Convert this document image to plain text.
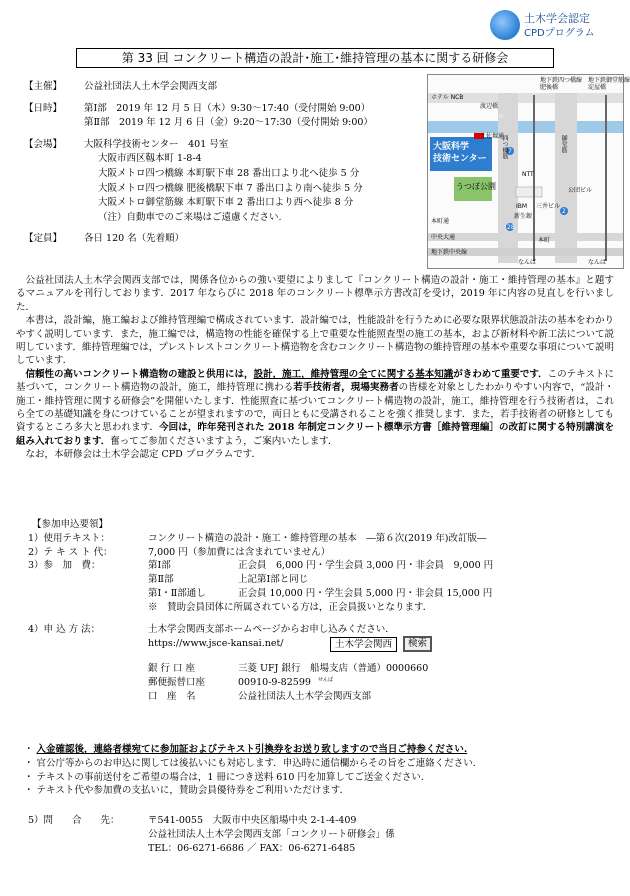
土木学会認定
CPDプログラム
第 33 回 コンクリート構造の設計･施工･維持管理の基本に関する研修会
【主催】	公益社団法人土木学会関西支部
【日時】	第Ⅰ部　2019 年 12 月 5 日（木）9:30～17:40（受付開始 9:00）
第Ⅱ部　2019 年 12 月 6 日（金）9:20～17:30（受付開始 9:00）
【会場】	大阪科学技術センター　401 号室
大阪市西区靱本町 1-8-4
大阪メトロ四つ橋線 本町駅下車 28 番出口より北へ徒歩 5 分
大阪メトロ四つ橋線 肥後橋駅下車 7 番出口より南へ徒歩 5 分
大阪メトロ御堂筋線 本町駅下車 2 番出口より西へ徒歩 8 分
（注）自動車でのご来場はご遠慮ください.
【定員】	各日 120 名（先着順）
地下鉄四つ橋線 地下鉄御堂筋線
肥後橋	淀屋橋
ホテル NCB
渡辺橋
新日鉄興和ビル
土佐堀通
四つ橋筋	御堂筋
大阪科学
技術センター
うつぼ公園
NTT
IBM
本町通
中央大通	本町
地下鉄中央線
なんば	なんば
新生銀
三井ビル
28
2
7
公団ビル

公益社団法人土木学会関西支部では，関係各位からの強い要望によりまして『コンクリート構造の設計・施工・維持管理の基本』と題するマニュアルを刊行しております．2017 年ならびに 2018 年のコンクリート標準示方書改訂を受け，2019 年に内容の見直しを行いました．

本書は，設計編，施工編および維持管理編で構成されています．設計編では，性能設計を行うために必要な限界状態設計法の基本をわかりやすく説明しています．また，施工編では，構造物の性能を確保する上で重要な性能照査型の施工の基本，および新材料や新工法について説明しています．維持管理編では，プレストレストコンクリート構造物を含むコンクリート構造物の維持管理の基本や重要な事項について説明しています．

信頼性の高いコンクリート構造物の建設と供用には，設計，施工，維持管理の全てに関する基本知識がきわめて重要です．このテキストに基づいて，コンクリート構造物の設計，施工，維持管理に携わる若手技術者，現場実務者の皆様を対象としたわかりやすい内容で，“設計・施工・維持管理に関する研修会”を開催いたします．性能照査に基づいてコンクリート構造物の設計，施工，維持管理を行う技術者は，これら全ての基礎知識を身につけていることが望まれますので，両日ともに受講されることを強く推奨します．また，若手技術者の研修としても資するところ多大と思われます．今回は，昨年発刊された 2018 年制定コンクリート標準示方書［維持管理編］の改訂に関する特別講演を組み入れております．奮ってご参加くださいますよう，ご案内いたします．

なお，本研修会は土木学会認定 CPD プログラムです．

【参加申込要領】
1）使用テキスト：	コンクリート構造の設計・施工・維持管理の基本　―第６次(2019 年)改訂版―
2）テ キ ス ト 代：	7,000 円（参加費には含まれていません）
3）参　加　費：	第Ⅰ部	正会員　6,000 円・学生会員 3,000 円・非会員　9,000 円
第Ⅱ部	上記第Ⅰ部と同じ
第Ⅰ・Ⅱ部通し	正会員 10,000 円・学生会員 5,000 円・非会員 15,000 円
※　賛助会員団体に所属されている方は，正会員扱いとなります．
4）申 込 方 法：	土木学会関西支部ホームページからお申し込みください．
https://www.jsce-kansai.net/	土木学会関西	検索
銀 行 口 座	三菱 UFJ 銀行　船場支店（普通）0000660
郵便振替口座	00910-9-82599
口　座　名	公益社団法人土木学会関西支部
せんば
・ 入金確認後，連絡者様宛てに参加証およびテキスト引換券をお送り致しますので当日ご持参ください.
・ 官公庁等からのお申込に関しては後払いにも対応します．申込時に通信欄からその旨をご連絡ください．
・ テキストの事前送付をご希望の場合は，1 冊につき送料 610 円を加算してご送金ください．
・ テキスト代や参加費の支払いに，賛助会員優待券をご利用いただけます．
5）問　　合　　先：	〒541-0055　大阪市中央区船場中央 2-1-4-409
公益社団法人土木学会関西支部「コンクリート研修会」係
TEL：06-6271-6686 ／ FAX：06-6271-6485
